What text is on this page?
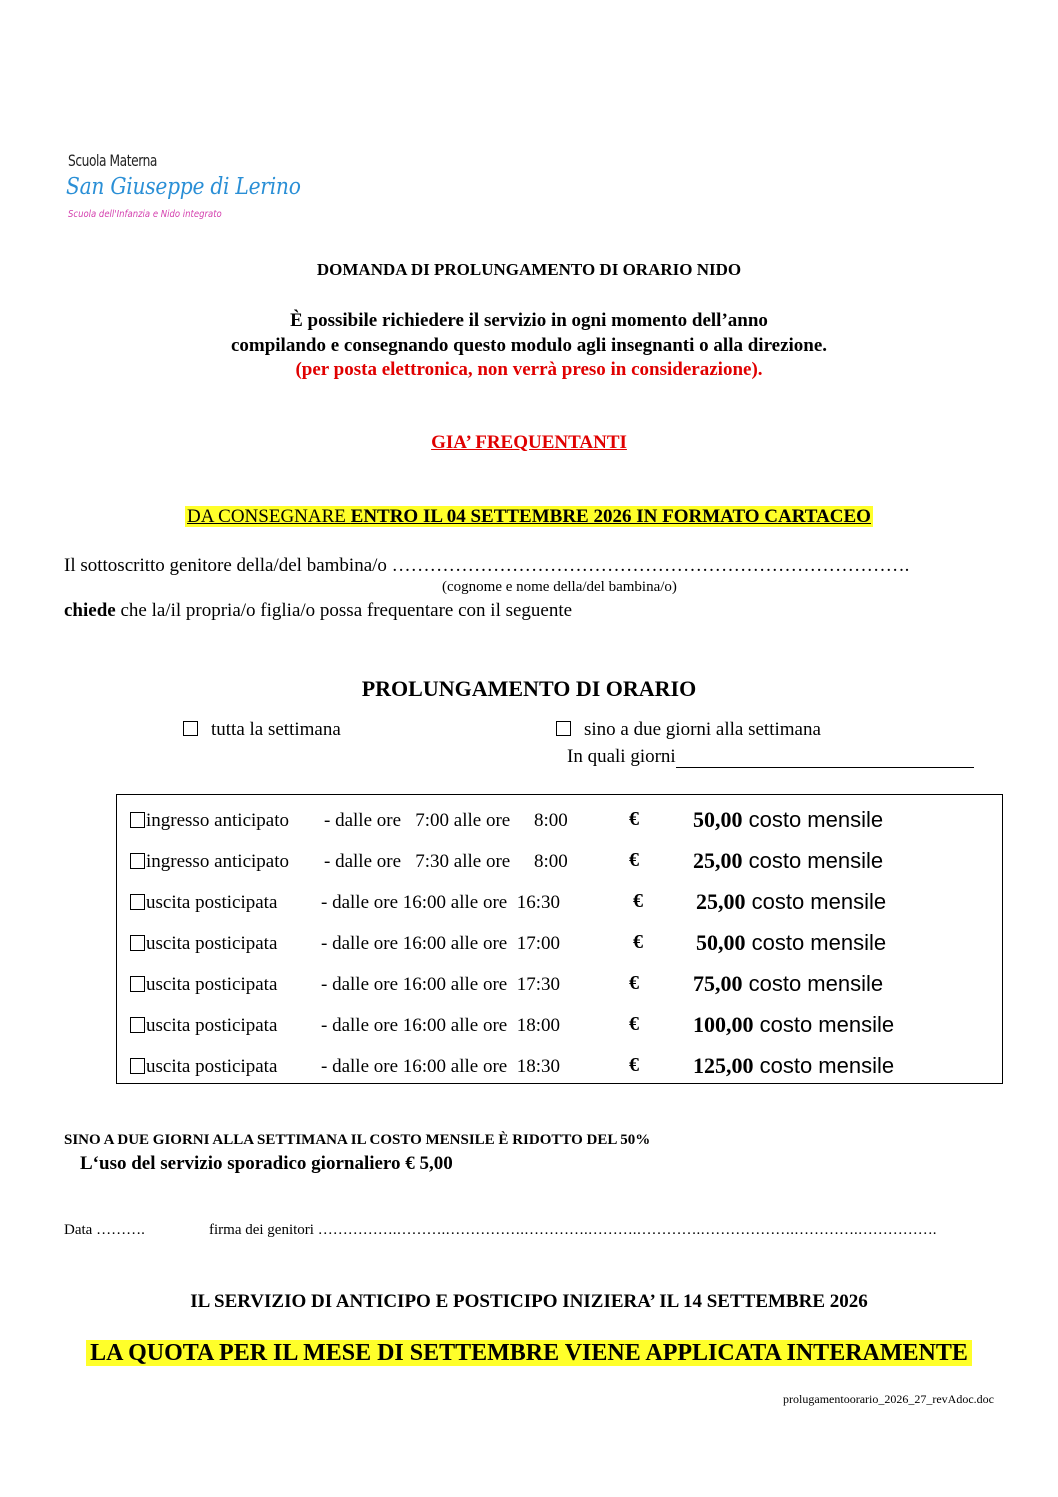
Scuola Materna
San Giuseppe di Lerino
Scuola dell'Infanzia e Nido integrato
DOMANDA DI PROLUNGAMENTO DI ORARIO NIDO
È possibile richiedere il servizio in ogni momento dell’anno
compilando e consegnando questo modulo agli insegnanti o alla direzione.
(per posta elettronica, non verrà preso in considerazione).
GIA’ FREQUENTANTI
DA CONSEGNARE ENTRO IL 04 SETTEMBRE 2026 IN FORMATO CARTACEO
Il sottoscritto genitore della/del bambina/o ……………………………………………………………………….
(cognome e nome della/del bambina/o)
chiede che la/il propria/o figlia/o possa frequentare con il seguente
PROLUNGAMENTO DI ORARIO
tutta la settimana	sino a due giorni alla settimana
In quali giorni
ingresso anticipato - dalle ore   7:00 alle ore     8:00	€ 50,00 costo mensile
ingresso anticipato - dalle ore   7:30 alle ore     8:00	€ 25,00 costo mensile
uscita posticipata - dalle ore 16:00 alle ore  16:30	€ 25,00 costo mensile
uscita posticipata - dalle ore 16:00 alle ore  17:00	€ 50,00 costo mensile
uscita posticipata - dalle ore 16:00 alle ore  17:30	€ 75,00 costo mensile
uscita posticipata - dalle ore 16:00 alle ore  18:00	€ 100,00 costo mensile
uscita posticipata - dalle ore 16:00 alle ore  18:30	€ 125,00 costo mensile
SINO A DUE GIORNI ALLA SETTIMANA IL COSTO MENSILE È RIDOTTO DEL 50%
L‘uso del servizio sporadico giornaliero € 5,00
Data ……….	firma dei genitori …………….……….…………….………….……….………….……………….………….…………….
IL SERVIZIO DI ANTICIPO E POSTICIPO INIZIERA’ IL 14 SETTEMBRE 2026
LA QUOTA PER IL MESE DI SETTEMBRE VIENE APPLICATA INTERAMENTE
prolugamentoorario_2026_27_revAdoc.doc
